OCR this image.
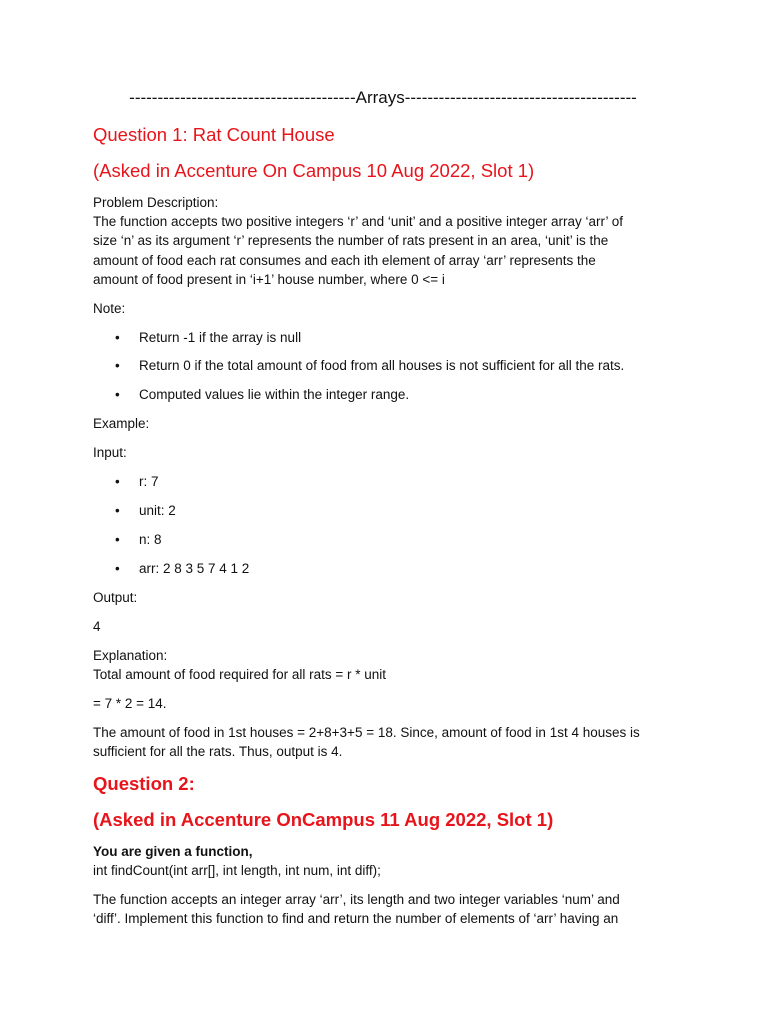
----------------------------------------Arrays-----------------------------------------
Question 1: Rat Count House
(Asked in Accenture On Campus 10 Aug 2022, Slot 1)
Problem Description:
The function accepts two positive integers ‘r’ and ‘unit’ and a positive integer array ‘arr’ of
size ‘n’ as its argument ‘r’ represents the number of rats present in an area, ‘unit’ is the
amount of food each rat consumes and each ith element of array ‘arr’ represents the
amount of food present in ‘i+1’ house number, where 0 <= i
Note:
• Return -1 if the array is null
• Return 0 if the total amount of food from all houses is not sufficient for all the rats.
• Computed values lie within the integer range.
Example:
Input:
• r: 7
• unit: 2
• n: 8
• arr: 2 8 3 5 7 4 1 2
Output:
4
Explanation:
Total amount of food required for all rats = r * unit
= 7 * 2 = 14.
The amount of food in 1st houses = 2+8+3+5 = 18. Since, amount of food in 1st 4 houses is
sufficient for all the rats. Thus, output is 4.
Question 2:
(Asked in Accenture OnCampus 11 Aug 2022, Slot 1)
You are given a function,
int findCount(int arr[], int length, int num, int diff);
The function accepts an integer array ‘arr’, its length and two integer variables ‘num’ and
‘diff’. Implement this function to find and return the number of elements of ‘arr’ having an
